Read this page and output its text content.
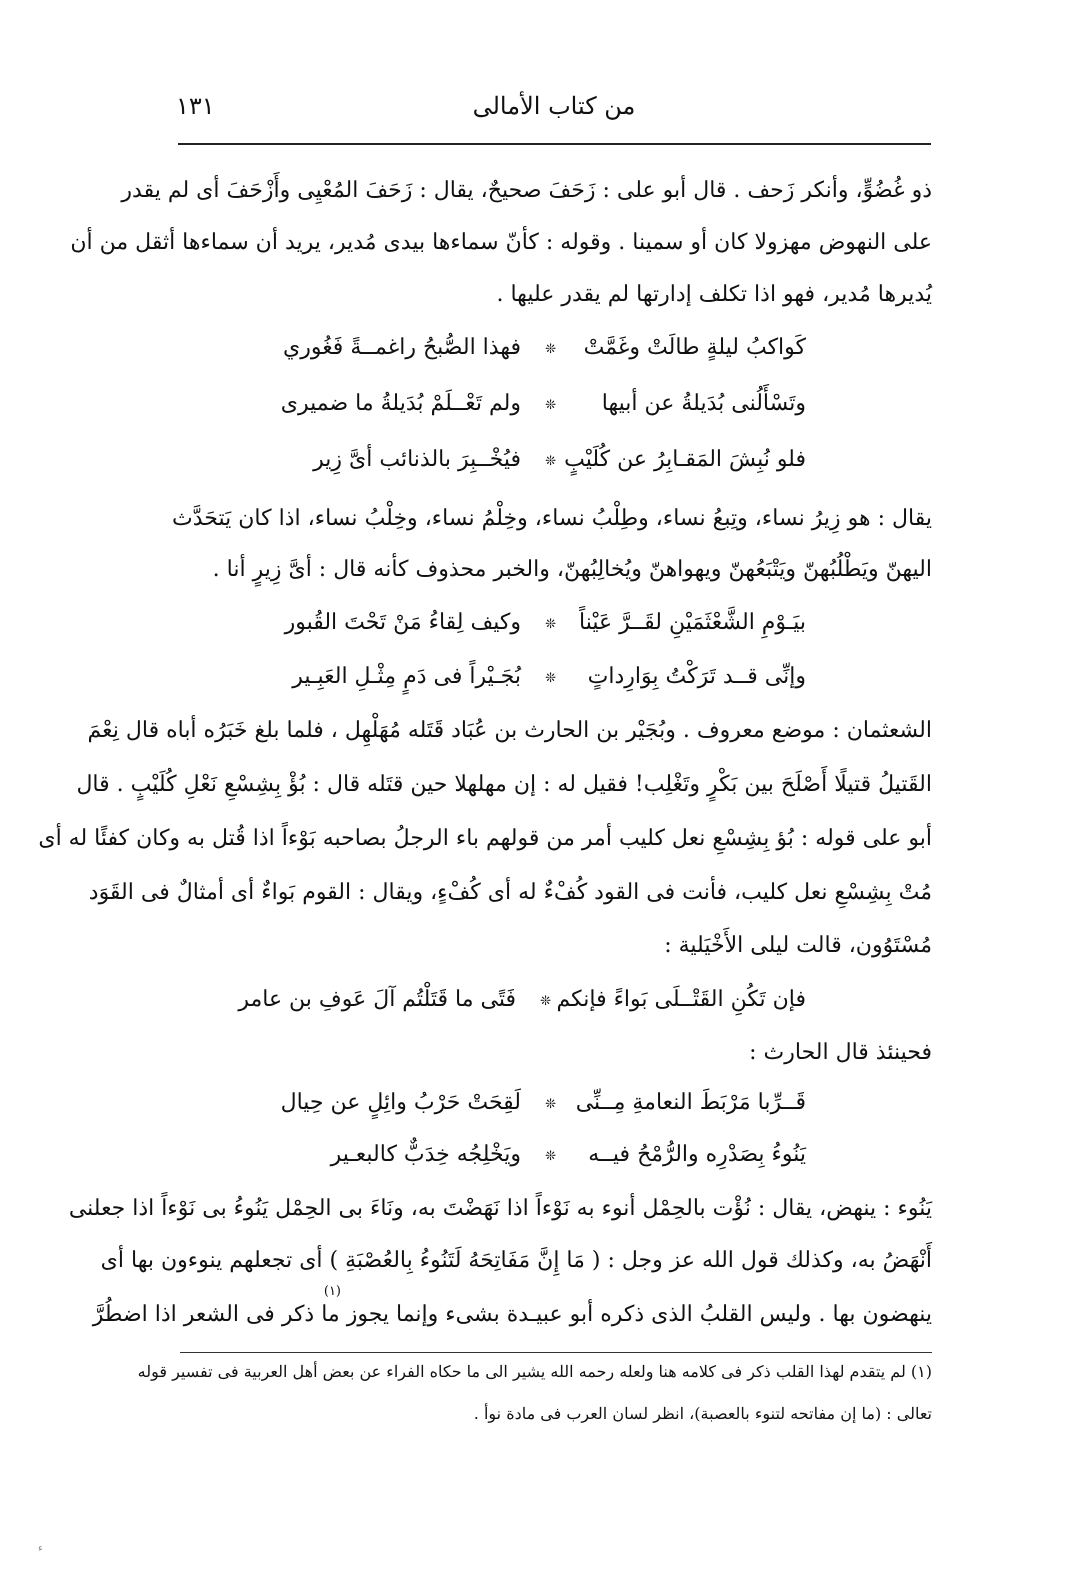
من كتاب الأمالى
١٣١
ذو غُضُوٍّ، وأنكر زَحف . قال أبو على : زَحَفَ صحيحٌ، يقال : زَحَفَ المُعْيِى وأَزْحَفَ أى لم يقدر
على النهوض مهزولا كان أو سمينا . وقوله : كأنّ سماءها بيدى مُدير، يريد أن سماءها أثقل من أن
يُديرها مُدير، فهو اذا تكلف إدارتها لم يقدر عليها .
كَواكبُ ليلةٍ طالَتْ وغَمَّتْ
❊
فهذا الصُّبحُ راغمــةً فَغُوري
وتَسْأَلُنى بُدَيلةُ عن أبيها
❊
ولم تَعْــلَمْ بُدَيلةُ ما ضميرى
فلو نُبِشَ المَقـابِرُ عن كُلَيْبٍ
❊
فيُخْــبِرَ بالذنائب أىَّ زِير
يقال : هو زِيرُ نساء، وتِبعُ نساء، وطِلْبُ نساء، وخِلْمُ نساء، وخِلْبُ نساء، اذا كان يَتحَدَّث
اليهنّ ويَطْلُبُهنّ ويَتْبَعُهنّ ويهواهنّ ويُخالِبُهنّ، والخبر محذوف كأنه قال : أىَّ زِيرٍ أنا .
بيَـوْمِ الشَّعْثَمَيْنِ لقَــرَّ عَيْناً
❊
وكيف لِقاءُ مَنْ تَحْتَ القُبور
وإنِّى قــد تَرَكْتُ بِوَارِداتٍ
❊
بُجَـيْراً فى دَمٍ مِثْـلِ العَبِـير
الشعثمان : موضع معروف . وبُجَيْر بن الحارث بن عُبَاد قَتَله مُهَلْهِل ، فلما بلغ خَبَرُه أباه قال نِعْمَ
القَتيلُ قتيلًا أَصْلَحَ بين بَكْرٍ وتَغْلِب! فقيل له : إن مهلهلا حين قتَله قال : بُؤْ بِشِسْعِ نَعْلِ كُلَيْبٍ . قال
أبو على قوله : بُؤ بِشِسْعِ نعل كليب أمر من قولهم باء الرجلُ بصاحبه بَوْءاً اذا قُتل به وكان كفئًا له أى
مُتْ بِشِسْعِ نعل كليب، فأنت فى القود كُفْءٌ له أى كُفْءٍ، ويقال : القوم بَواءٌ أى أمثالٌ فى القَوَد
مُسْتَوُون، قالت ليلى الأَخْيَلية :
فإن تَكُنِ القَتْــلَى بَواءً فإنكم
❊
فَتًى ما قَتَلْتُم آلَ عَوفِ بن عامر
فحينئذ قال الحارث :
قَــرِّبا مَرْبَطَ النعامةِ مِــنِّى
❊
لَقِحَتْ حَرْبُ وائِلٍ عن حِيال
يَنُوءُ بِصَدْرِه والرُّمْحُ فيــه
❊
ويَخْلِجُه خِدَبٌّ كالبعـير
يَنُوء : ينهض، يقال : نُؤْت بالحِمْل أنوء به نَوْءاً اذا نَهَضْتَ به، ونَاءَ بى الحِمْل يَنُوءُ بى نَوْءاً اذا جعلنى
أَنْهَضُ به، وكذلك قول الله عز وجل : ( مَا إِنَّ مَفَاتِحَهُ لَتَنُوءُ بِالعُصْبَةِ ) أى تجعلهم ينوءون بها أى
(١)
ينهضون بها . وليس القلبُ الذى ذكره أبو عبيـدة بشىء وإنما يجوز ما ذكر فى الشعر اذا اضطُرَّ
(١) لم يتقدم لهذا القلب ذكر فى كلامه هنا ولعله رحمه الله يشير الى ما حكاه الفراء عن بعض أهل العربية فى تفسير قوله
تعالى : (ما إن مفاتحه لتنوء بالعصبة)، انظر لسان العرب فى مادة نوأ .
ء
